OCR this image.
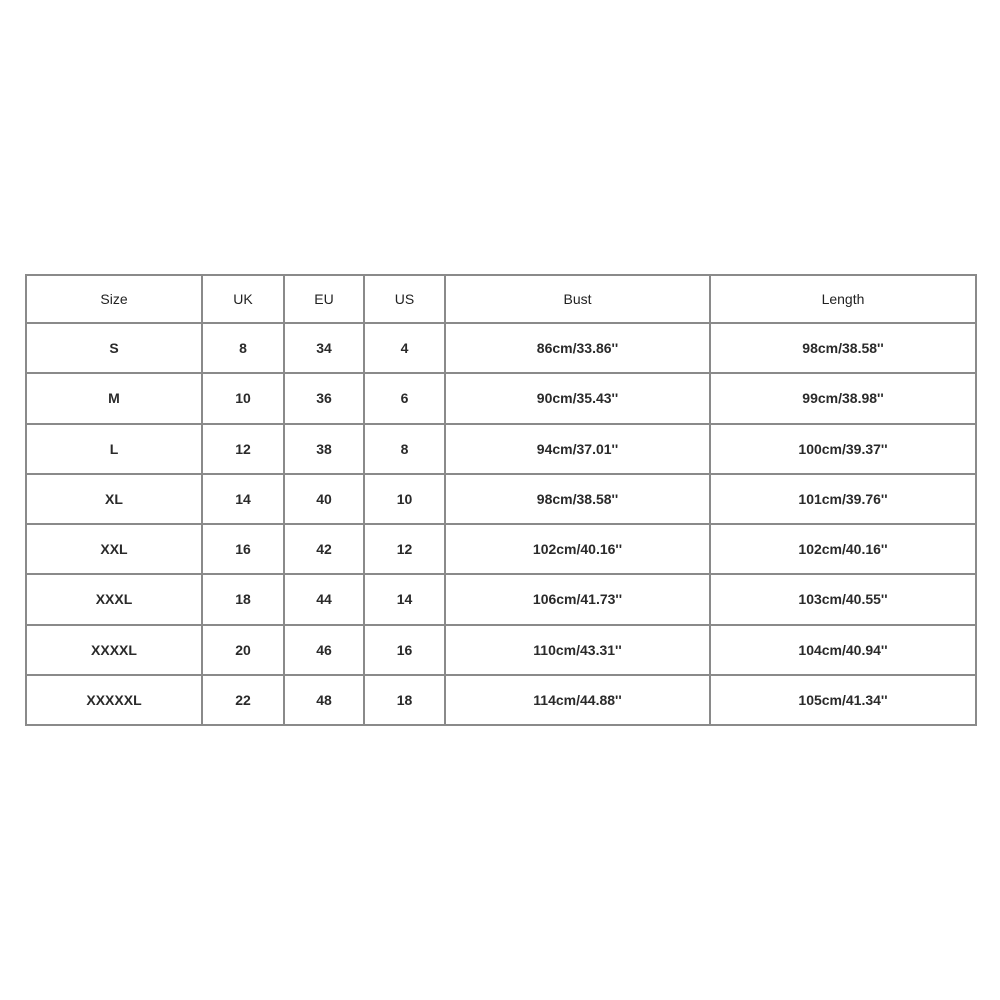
Size	UK	EU	US	Bust	Length
S	8	34	4	86cm/33.86''	98cm/38.58''
M	10	36	6	90cm/35.43''	99cm/38.98''
L	12	38	8	94cm/37.01''	100cm/39.37''
XL	14	40	10	98cm/38.58''	101cm/39.76''
XXL	16	42	12	102cm/40.16''	102cm/40.16''
XXXL	18	44	14	106cm/41.73''	103cm/40.55''
XXXXL	20	46	16	110cm/43.31''	104cm/40.94''
XXXXXL	22	48	18	114cm/44.88''	105cm/41.34''
